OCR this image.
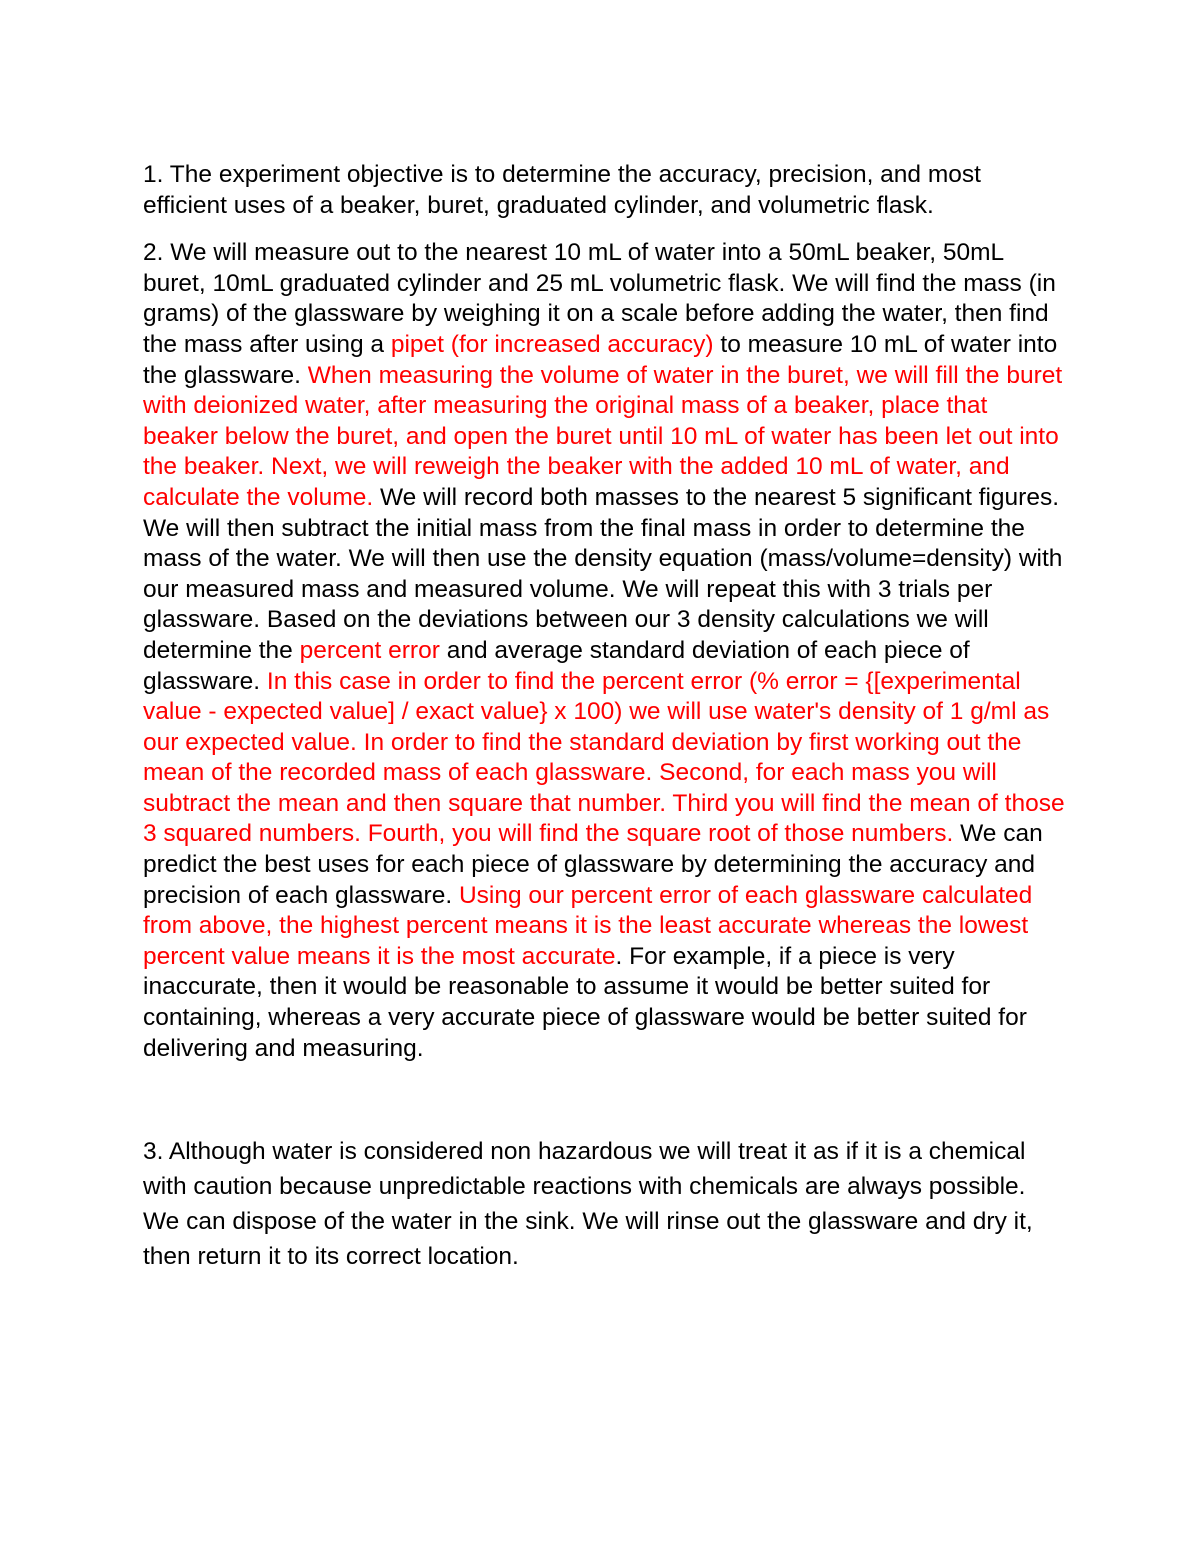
1. The experiment objective is to determine the accuracy, precision, and most efficient uses of a beaker, buret, graduated cylinder, and volumetric flask.

2. We will measure out to the nearest 10 mL of water into a 50mL beaker, 50mL buret, 10mL graduated cylinder and 25 mL volumetric flask. We will find the mass (in grams) of the glassware by weighing it on a scale before adding the water, then find the mass after using a pipet (for increased accuracy) to measure 10 mL of water into the glassware. When measuring the volume of water in the buret, we will fill the buret with deionized water, after measuring the original mass of a beaker, place that beaker below the buret, and open the buret until 10 mL of water has been let out into the beaker. Next, we will reweigh the beaker with the added 10 mL of water, and calculate the volume. We will record both masses to the nearest 5 significant figures. We will then subtract the initial mass from the final mass in order to determine the mass of the water. We will then use the density equation (mass/volume=density) with our measured mass and measured volume. We will repeat this with 3 trials per glassware. Based on the deviations between our 3 density calculations we will determine the percent error and average standard deviation of each piece of glassware. In this case in order to find the percent error (% error = {[experimental value - expected value] / exact value} x 100) we will use water's density of 1 g/ml as our expected value. In order to find the standard deviation by first working out the mean of the recorded mass of each glassware. Second, for each mass you will subtract the mean and then square that number. Third you will find the mean of those 3 squared numbers. Fourth, you will find the square root of those numbers. We can predict the best uses for each piece of glassware by determining the accuracy and precision of each glassware. Using our percent error of each glassware calculated from above, the highest percent means it is the least accurate whereas the lowest percent value means it is the most accurate. For example, if a piece is very inaccurate, then it would be reasonable to assume it would be better suited for containing, whereas a very accurate piece of glassware would be better suited for delivering and measuring.

3. Although water is considered non hazardous we will treat it as if it is a chemical with caution because unpredictable reactions with chemicals are always possible. We can dispose of the water in the sink. We will rinse out the glassware and dry it, then return it to its correct location.
